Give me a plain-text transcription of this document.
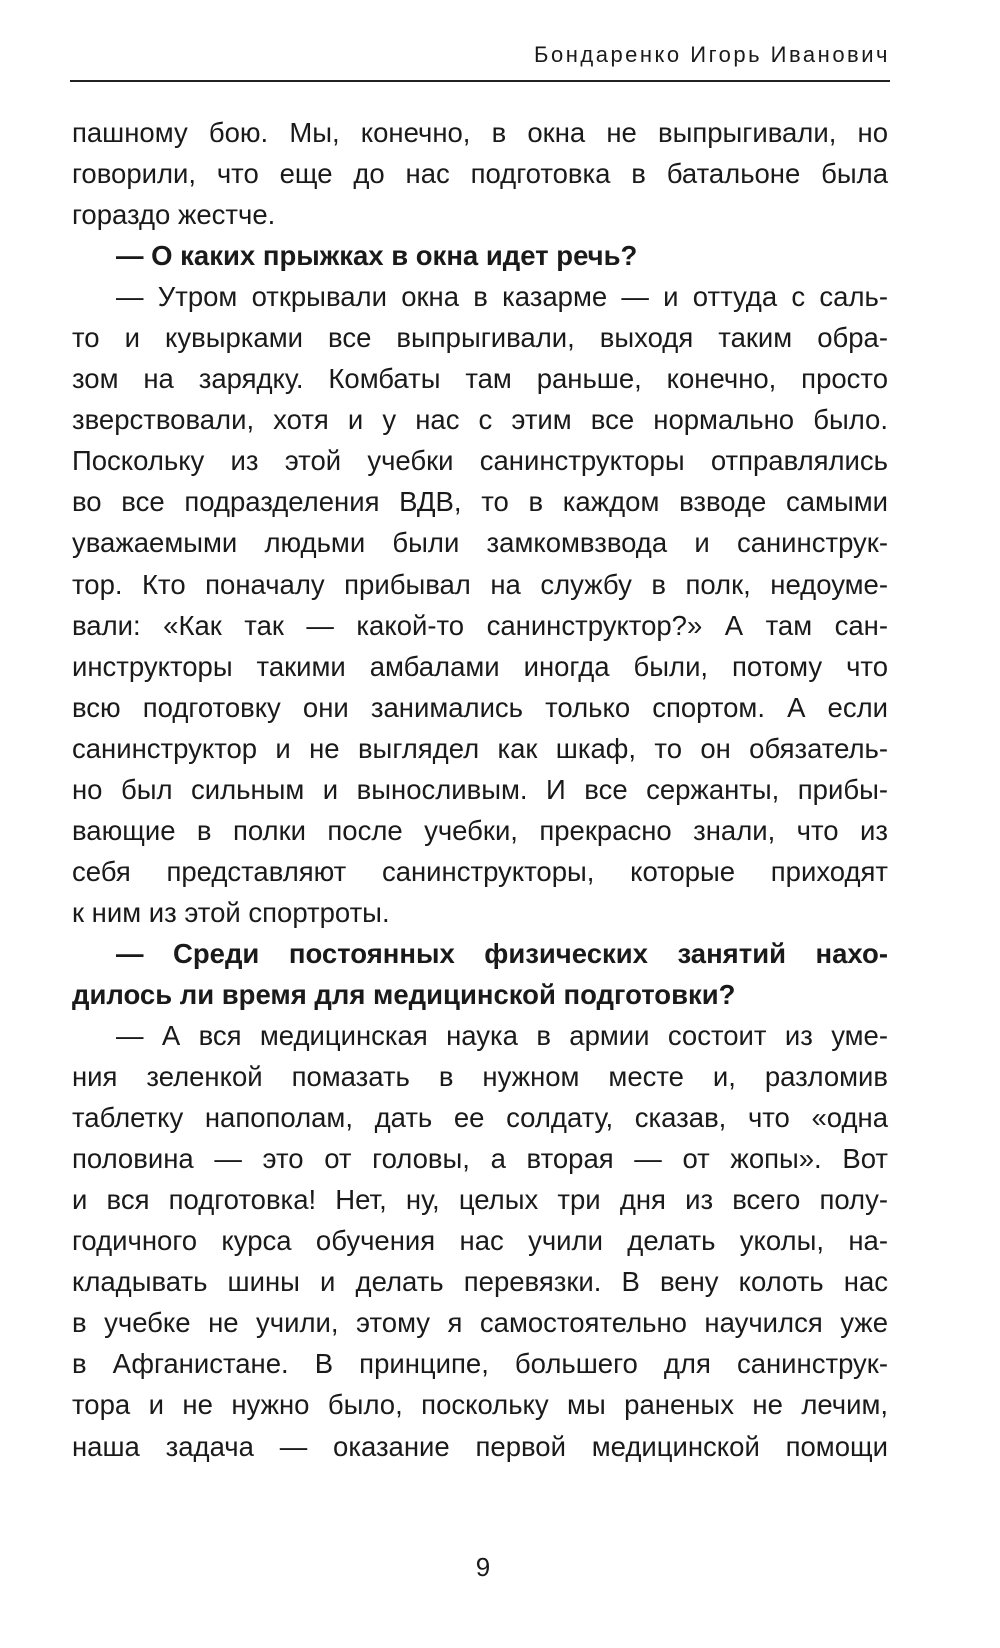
Бондаренко Игорь Иванович
пашному бою. Мы, конечно, в окна не выпрыгивали, но
говорили, что еще до нас подготовка в батальоне была
гораздо жестче.
— О каких прыжках в окна идет речь?
— Утром открывали окна в казарме — и оттуда с саль-
то и кувырками все выпрыгивали, выходя таким обра-
зом на зарядку. Комбаты там раньше, конечно, просто
зверствовали, хотя и у нас с этим все нормально было.
Поскольку из этой учебки санинструкторы отправлялись
во все подразделения ВДВ, то в каждом взводе самыми
уважаемыми людьми были замкомвзвода и санинструк-
тор. Кто поначалу прибывал на службу в полк, недоуме-
вали: «Как так — какой-то санинструктор?» А там сан-
инструкторы такими амбалами иногда были, потому что
всю подготовку они занимались только спортом. А если
санинструктор и не выглядел как шкаф, то он обязатель-
но был сильным и выносливым. И все сержанты, прибы-
вающие в полки после учебки, прекрасно знали, что из
себя представляют санинструкторы, которые приходят
к ним из этой спортроты.
— Среди постоянных физических занятий нахо-
дилось ли время для медицинской подготовки?
— А вся медицинская наука в армии состоит из уме-
ния зеленкой помазать в нужном месте и, разломив
таблетку напополам, дать ее солдату, сказав, что «одна
половина — это от головы, а вторая — от жопы». Вот
и вся подготовка! Нет, ну, целых три дня из всего полу-
годичного курса обучения нас учили делать уколы, на-
кладывать шины и делать перевязки. В вену колоть нас
в учебке не учили, этому я самостоятельно научился уже
в Афганистане. В принципе, большего для санинструк-
тора и не нужно было, поскольку мы раненых не лечим,
наша задача — оказание первой медицинской помощи
9
